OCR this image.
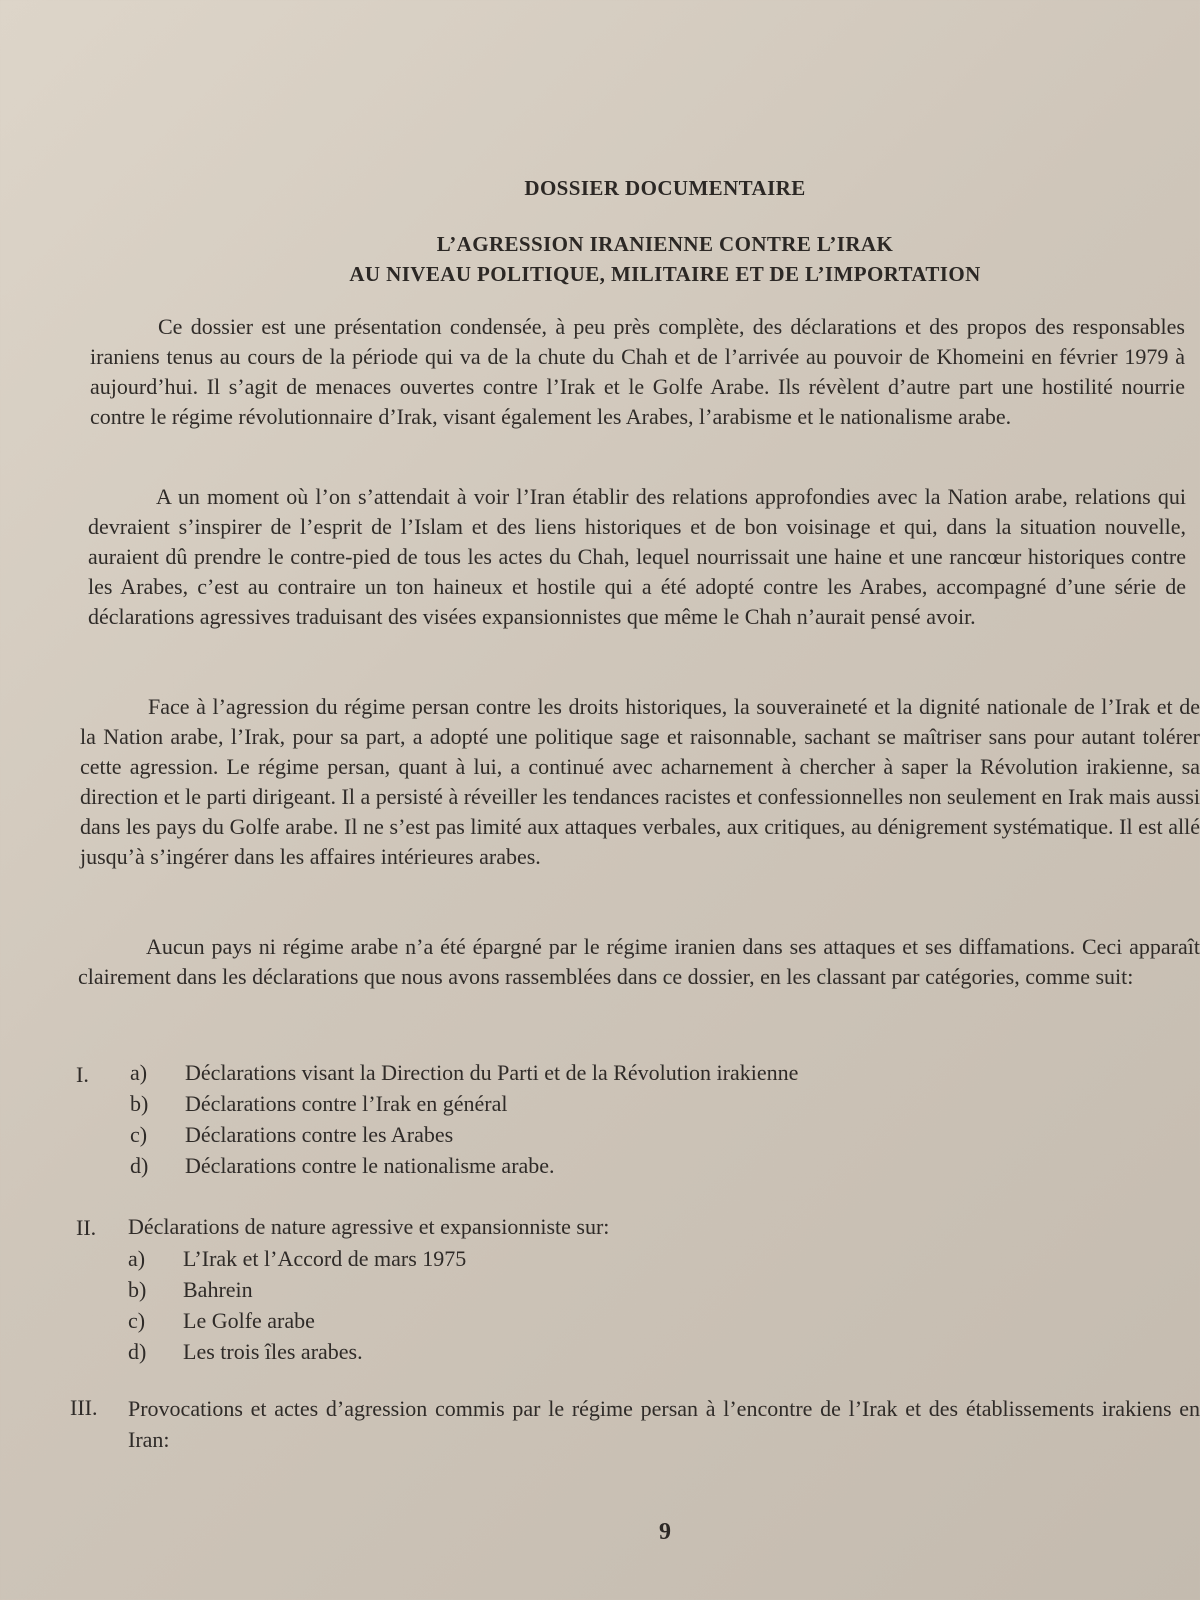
DOSSIER DOCUMENTAIRE
L’AGRESSION IRANIENNE CONTRE L’IRAK
AU NIVEAU POLITIQUE, MILITAIRE ET DE L’IMPORTATION

Ce dossier est une présentation condensée, à peu près complète, des déclarations et des propos des responsables iraniens tenus au cours de la période qui va de la chute du Chah et de l’arrivée au pouvoir de Khomeini en février 1979 à aujourd’hui. Il s’agit de menaces ouvertes contre l’Irak et le Golfe Arabe. Ils révèlent d’autre part une hostilité nourrie contre le régime révolutionnaire d’Irak, visant également les Arabes, l’arabisme et le nationalisme arabe.

A un moment où l’on s’attendait à voir l’Iran établir des relations approfondies avec la Nation arabe, relations qui devraient s’inspirer de l’esprit de l’Islam et des liens historiques et de bon voisinage et qui, dans la situation nouvelle, auraient dû prendre le contre-pied de tous les actes du Chah, lequel nourrissait une haine et une rancœur historiques contre les Arabes, c’est au contraire un ton haineux et hostile qui a été adopté contre les Arabes, accompagné d’une série de déclarations agressives traduisant des visées expansionnistes que même le Chah n’aurait pensé avoir.

Face à l’agression du régime persan contre les droits historiques, la souveraineté et la dignité nationale de l’Irak et de la Nation arabe, l’Irak, pour sa part, a adopté une politique sage et raisonnable, sachant se maîtriser sans pour autant tolérer cette agression. Le régime persan, quant à lui, a continué avec acharnement à chercher à saper la Révolution irakienne, sa direction et le parti dirigeant. Il a persisté à réveiller les tendances racistes et confessionnelles non seulement en Irak mais aussi dans les pays du Golfe arabe. Il ne s’est pas limité aux attaques verbales, aux critiques, au dénigrement systématique. Il est allé jusqu’à s’ingérer dans les affaires intérieures arabes.

Aucun pays ni régime arabe n’a été épargné par le régime iranien dans ses attaques et ses diffamations. Ceci apparaît clairement dans les déclarations que nous avons rassemblées dans ce dossier, en les classant par catégories, comme suit:

I. a) Déclarations visant la Direction du Parti et de la Révolution irakienne
b) Déclarations contre l’Irak en général
c) Déclarations contre les Arabes
d) Déclarations contre le nationalisme arabe.
II. Déclarations de nature agressive et expansionniste sur:
a) L’Irak et l’Accord de mars 1975
b) Bahrein
c) Le Golfe arabe
d) Les trois îles arabes.
III. Provocations et actes d’agression commis par le régime persan à l’encontre de l’Irak et des établissements irakiens en Iran:

9
